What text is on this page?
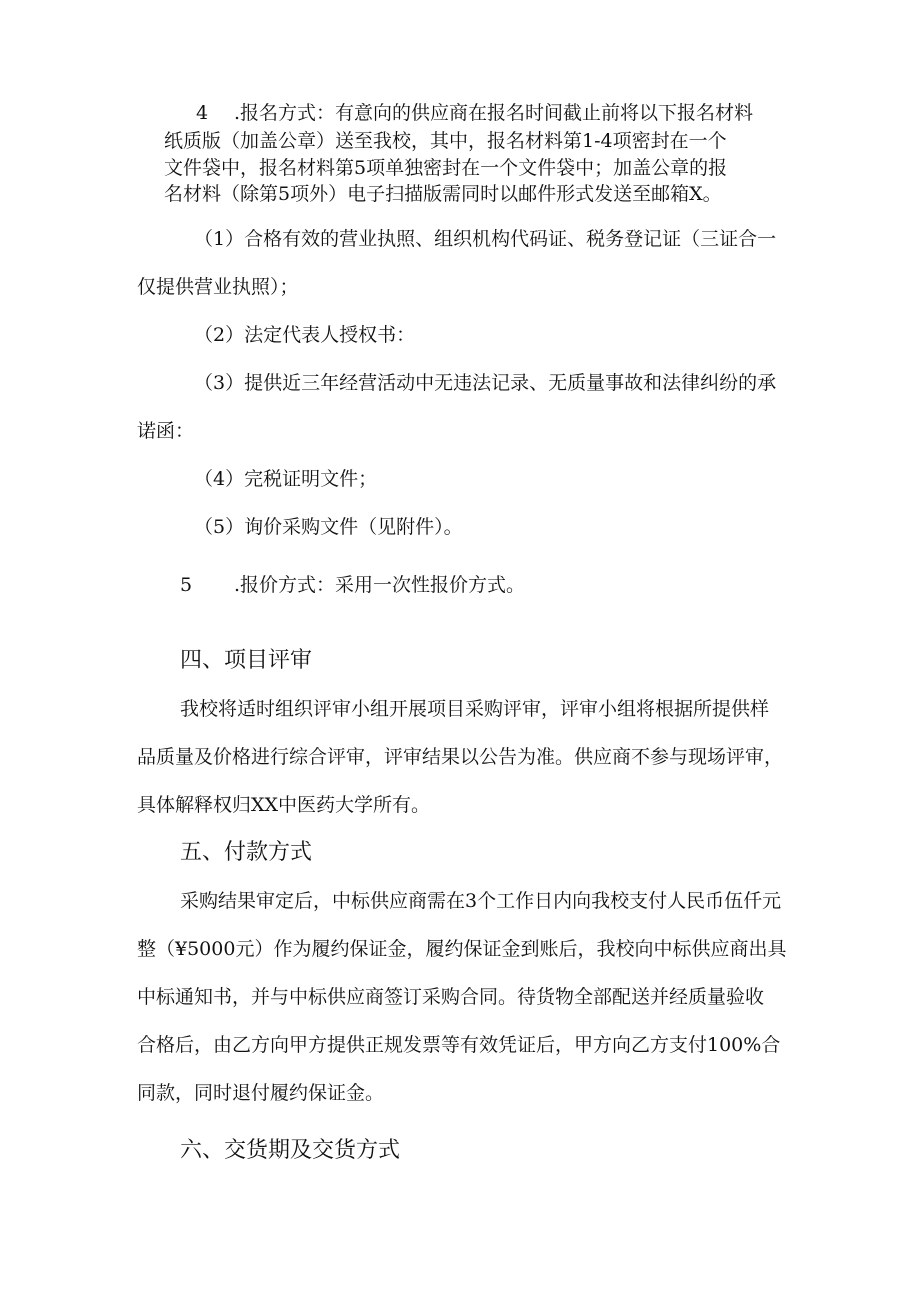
4 .报名方式：有意向的供应商在报名时间截止前将以下报名材料
纸质版（加盖公章）送至我校，其中，报名材料第1-4项密封在一个
文件袋中，报名材料第5项单独密封在一个文件袋中；加盖公章的报
名材料（除第5项外）电子扫描版需同时以邮件形式发送至邮箱X。
（1）合格有效的营业执照、组织机构代码证、税务登记证（三证合一
仅提供营业执照）；
（2）法定代表人授权书：
（3）提供近三年经营活动中无违法记录、无质量事故和法律纠纷的承
诺函：
（4）完税证明文件；
（5）询价采购文件（见附件）。
5 .报价方式：采用一次性报价方式。
四、项目评审
我校将适时组织评审小组开展项目采购评审，评审小组将根据所提供样
品质量及价格进行综合评审，评审结果以公告为准。供应商不参与现场评审，
具体解释权归XX中医药大学所有。
五、付款方式
采购结果审定后，中标供应商需在3个工作日内向我校支付人民币伍仟元
整（¥5000元）作为履约保证金，履约保证金到账后，我校向中标供应商出具
中标通知书，并与中标供应商签订采购合同。待货物全部配送并经质量验收
合格后，由乙方向甲方提供正规发票等有效凭证后，甲方向乙方支付100%合
同款，同时退付履约保证金。
六、交货期及交货方式
